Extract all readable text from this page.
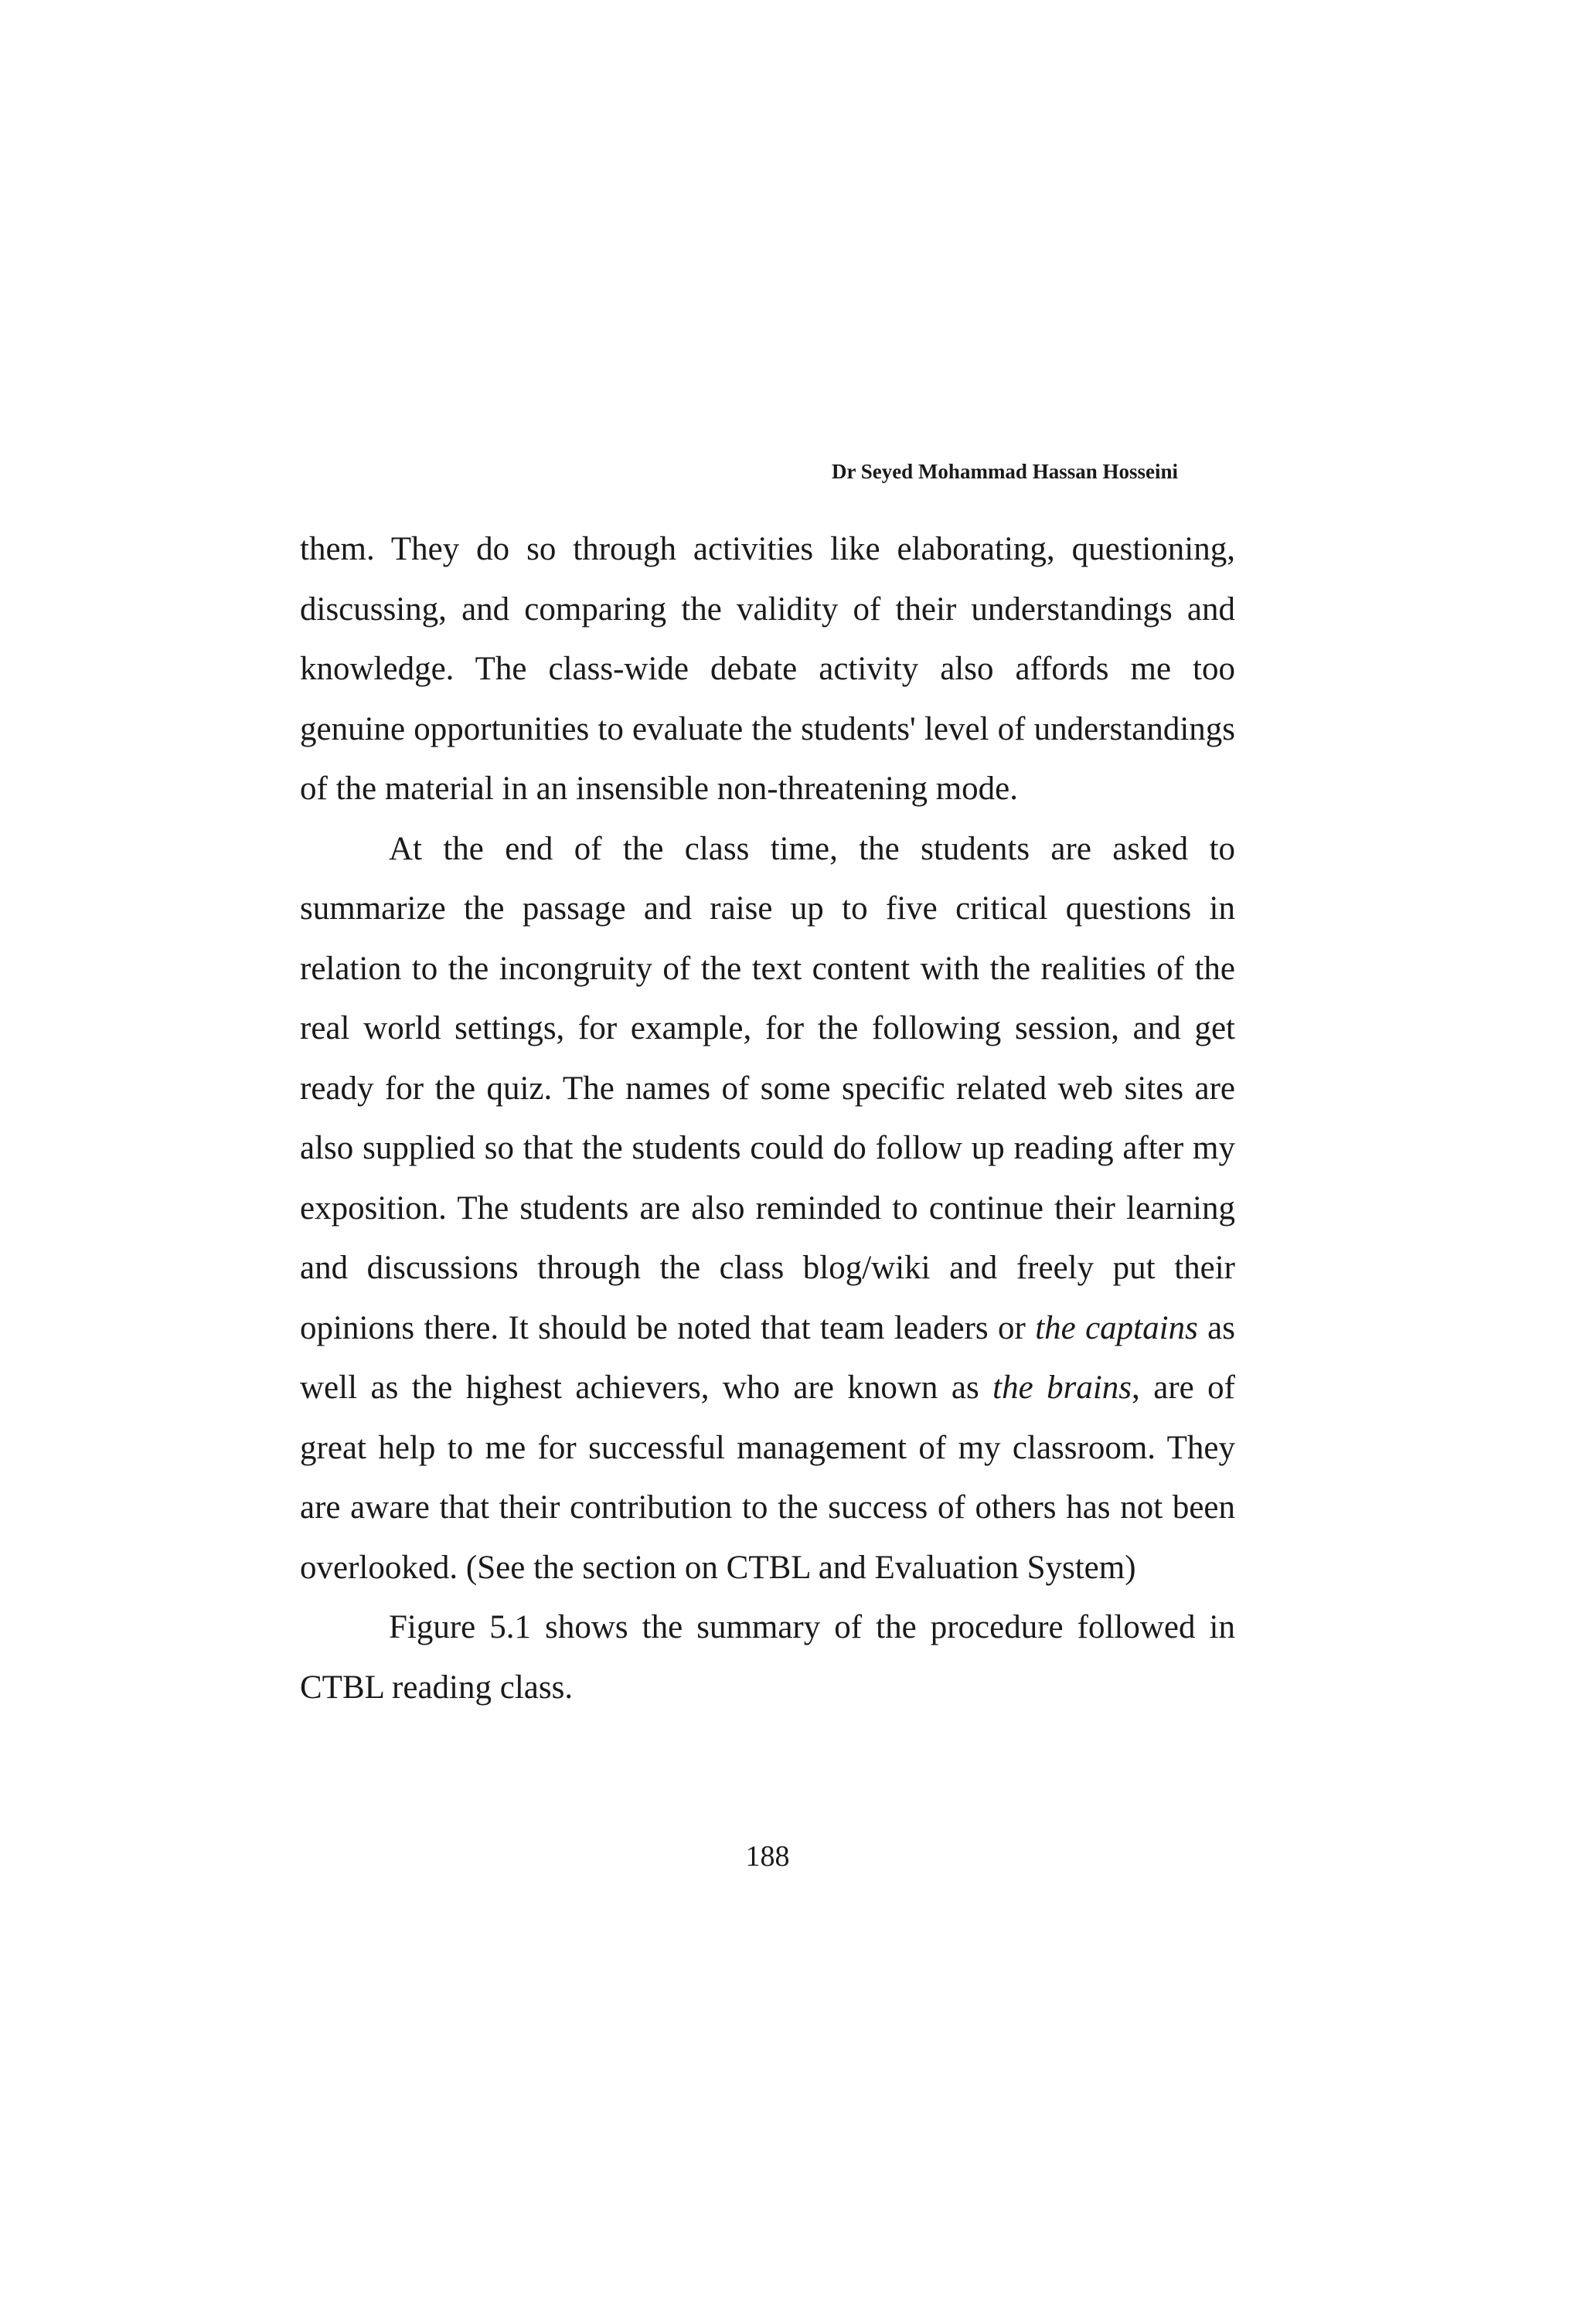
Dr Seyed Mohammad Hassan Hosseini

them. They do so through activities like elaborating, questioning, discussing, and comparing the validity of their understandings and knowledge. The class-wide debate activity also affords me too genuine opportunities to evaluate the students' level of understandings of the material in an insensible non-threatening mode.

At the end of the class time, the students are asked to summarize the passage and raise up to five critical questions in relation to the incongruity of the text content with the realities of the real world settings, for example, for the following session, and get ready for the quiz. The names of some specific related web sites are also supplied so that the students could do follow up reading after my exposition. The students are also reminded to continue their learning and discussions through the class blog/wiki and freely put their opinions there. It should be noted that team leaders or the captains as well as the highest achievers, who are known as the brains, are of great help to me for successful management of my classroom. They are aware that their contribution to the success of others has not been overlooked. (See the section on CTBL and Evaluation System)

Figure 5.1 shows the summary of the procedure followed in CTBL reading class.

188
